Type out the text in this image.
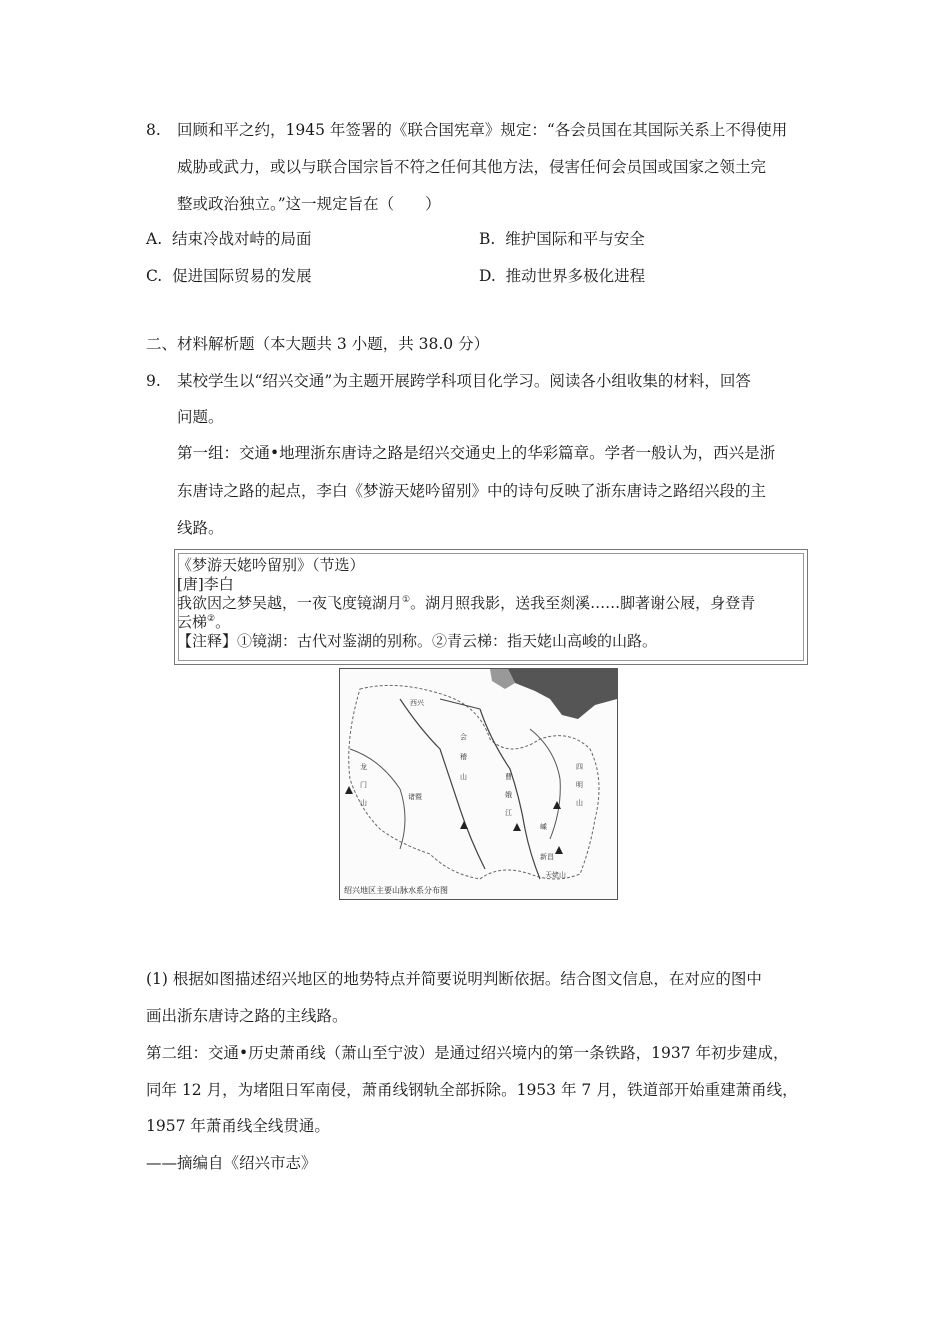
8. 回顾和平之约，1945 年签署的《联合国宪章》规定：“各会员国在其国际关系上不得使用
威胁或武力，或以与联合国宗旨不符之任何其他方法，侵害任何会员国或国家之领土完
整或政治独立。”这一规定旨在（　　）
A. 结束冷战对峙的局面	B. 维护国际和平与安全
C. 促进国际贸易的发展	D. 推动世界多极化进程
二、材料解析题（本大题共 3 小题，共 38.0 分）
9. 某校学生以“绍兴交通”为主题开展跨学科项目化学习。阅读各小组收集的材料，回答
问题。
第一组：交通•地理浙东唐诗之路是绍兴交通史上的华彩篇章。学者一般认为，西兴是浙
东唐诗之路的起点，李白《梦游天姥吟留别》中的诗句反映了浙东唐诗之路绍兴段的主
线路。
《梦游天姥吟留别》（节选）
[唐]李白
我欲因之梦吴越，一夜飞度镜湖月①。湖月照我影，送我至剡溪……脚著谢公屐，身登青
云梯②。
【注释】①镜湖：古代对鉴湖的别称。②青云梯：指天姥山高峻的山路。
西兴
会
稽
山
龙
门
山
四
明
山
诸暨
嵊
新昌
天姥山
曹
娥
江
绍兴地区主要山脉水系分布图
(1) 根据如图描述绍兴地区的地势特点并简要说明判断依据。结合图文信息，在对应的图中
画出浙东唐诗之路的主线路。
第二组：交通•历史萧甬线（萧山至宁波）是通过绍兴境内的第一条铁路，1937 年初步建成，
同年 12 月，为堵阻日军南侵，萧甬线钢轨全部拆除。1953 年 7 月，铁道部开始重建萧甬线，
1957 年萧甬线全线贯通。
——摘编自《绍兴市志》
